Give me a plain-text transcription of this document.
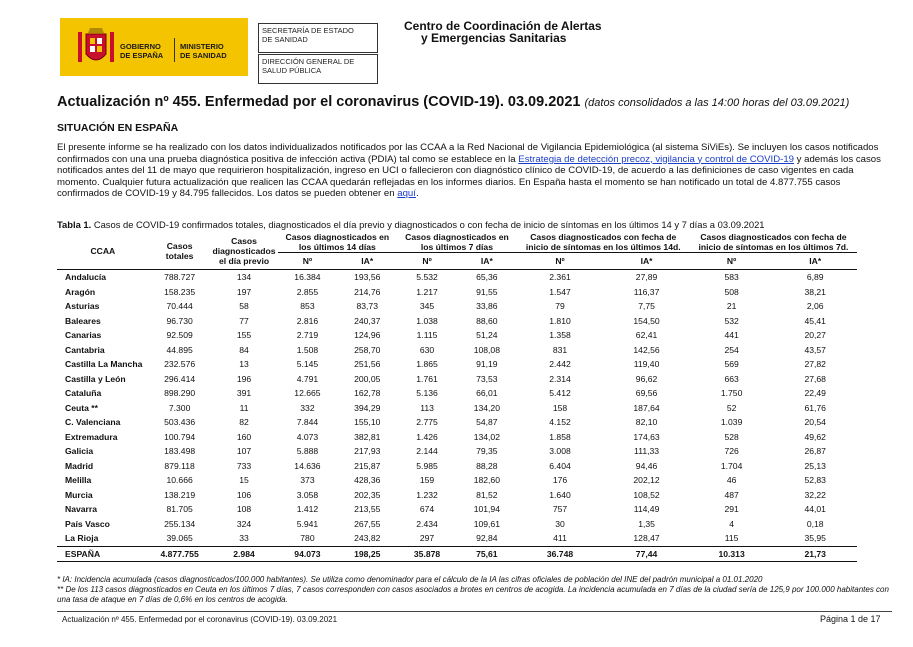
GOBIERNO
DE ESPAÑA
MINISTERIO
DE SANIDAD
SECRETARÍA DE ESTADO
DE SANIDAD
DIRECCIÓN GENERAL DE
SALUD PÚBLICA
Centro de Coordinación de Alertas
y Emergencias Sanitarias
Actualización nº 455. Enfermedad por el coronavirus (COVID-19). 03.09.2021 (datos consolidados a las 14:00 horas del 03.09.2021)
SITUACIÓN EN ESPAÑA
El presente informe se ha realizado con los datos individualizados notificados por las CCAA a la Red Nacional de Vigilancia Epidemiológica (al sistema SiViEs). Se incluyen los casos notificados confirmados con una una prueba diagnóstica positiva de infección activa (PDIA) tal como se establece en la Estrategia de detección precoz, vigilancia y control de COVID-19 y además los casos notificados antes del 11 de mayo que requirieron hospitalización, ingreso en UCI o fallecieron con diagnóstico clínico de COVID-19, de acuerdo a las definiciones de caso vigentes en cada momento. Cualquier futura actualización que realicen las CCAA quedarán reflejadas en los informes diarios. En España hasta el momento se han notificado un total de 4.877.755 casos confirmados de COVID-19 y 84.795 fallecidos. Los datos se pueden obtener en aquí.
Tabla 1. Casos de COVID-19 confirmados totales, diagnosticados el día previo y diagnosticados o con fecha de inicio de síntomas en los últimos 14 y 7 días a 03.09.2021
CCAA	Casos totales	Casos diagnosticados el día previo	Casos diagnosticados en los últimos 14 días		Casos diagnosticados en los últimos 7 días		Casos diagnosticados con fecha de inicio de síntomas en los últimos 14d.		Casos diagnosticados con fecha de inicio de síntomas en los últimos 7d.	
			Nº	IA*	Nº	IA*	Nº	IA*	Nº	IA*
Andalucía	788.727	134	16.384	193,56	5.532	65,36	2.361	27,89	583	6,89
Aragón	158.235	197	2.855	214,76	1.217	91,55	1.547	116,37	508	38,21
Asturias	70.444	58	853	83,73	345	33,86	79	7,75	21	2,06
Baleares	96.730	77	2.816	240,37	1.038	88,60	1.810	154,50	532	45,41
Canarias	92.509	155	2.719	124,96	1.115	51,24	1.358	62,41	441	20,27
Cantabria	44.895	84	1.508	258,70	630	108,08	831	142,56	254	43,57
Castilla La Mancha	232.576	13	5.145	251,56	1.865	91,19	2.442	119,40	569	27,82
Castilla y León	296.414	196	4.791	200,05	1.761	73,53	2.314	96,62	663	27,68
Cataluña	898.290	391	12.665	162,78	5.136	66,01	5.412	69,56	1.750	22,49
Ceuta **	7.300	11	332	394,29	113	134,20	158	187,64	52	61,76
C. Valenciana	503.436	82	7.844	155,10	2.775	54,87	4.152	82,10	1.039	20,54
Extremadura	100.794	160	4.073	382,81	1.426	134,02	1.858	174,63	528	49,62
Galicia	183.498	107	5.888	217,93	2.144	79,35	3.008	111,33	726	26,87
Madrid	879.118	733	14.636	215,87	5.985	88,28	6.404	94,46	1.704	25,13
Melilla	10.666	15	373	428,36	159	182,60	176	202,12	46	52,83
Murcia	138.219	106	3.058	202,35	1.232	81,52	1.640	108,52	487	32,22
Navarra	81.705	108	1.412	213,55	674	101,94	757	114,49	291	44,01
País Vasco	255.134	324	5.941	267,55	2.434	109,61	30	1,35	4	0,18
La Rioja	39.065	33	780	243,82	297	92,84	411	128,47	115	35,95
ESPAÑA	4.877.755	2.984	94.073	198,25	35.878	75,61	36.748	77,44	10.313	21,73
* IA: Incidencia acumulada (casos diagnosticados/100.000 habitantes). Se utiliza como denominador para el cálculo de la IA las cifras oficiales de población del INE del padrón municipal a 01.01.2020
** De los 113 casos diagnosticados en Ceuta en los últimos 7 días, 7 casos corresponden con casos asociados a brotes en centros de acogida. La incidencia acumulada en 7 días de la ciudad sería de 125,9 por 100.000 habitantes con una tasa de ataque en 7 días de 0,6% en los centros de acogida.
Actualización nº 455. Enfermedad por el coronavirus (COVID-19). 03.09.2021	Página 1 de 17
